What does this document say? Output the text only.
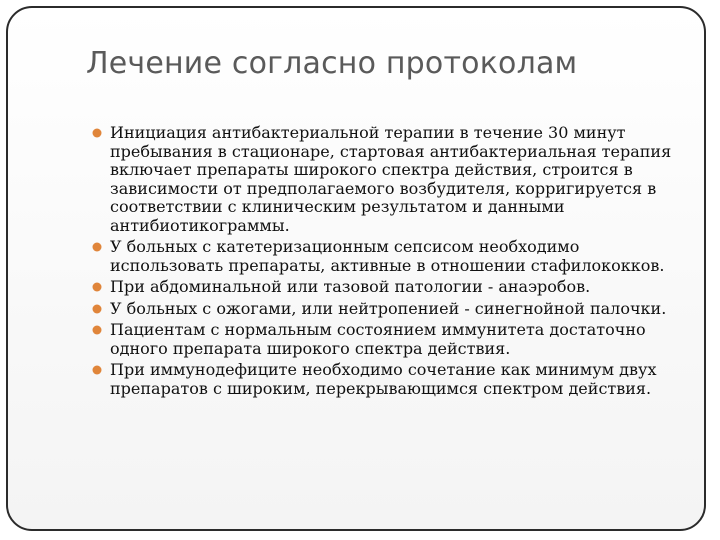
Лечение согласно протоколам
Инициация антибактериальной терапии в течение 30 минут пребывания в стационаре, стартовая антибактериальная терапия включает препараты широкого спектра действия, строится в зависимости от предполагаемого возбудителя, корригируется в соответствии с клиническим результатом и данными антибиотикограммы.
У больных с катетеризационным сепсисом необходимо использовать препараты, активные в отношении стафилококков.
При абдоминальной или тазовой патологии - анаэробов.
У больных с ожогами, или нейтропенией - синегнойной палочки.
Пациентам с нормальным состоянием иммунитета достаточно одного препарата широкого спектра действия.
При иммунодефиците необходимо сочетание как минимум двух препаратов с широким, перекрывающимся спектром действия.
